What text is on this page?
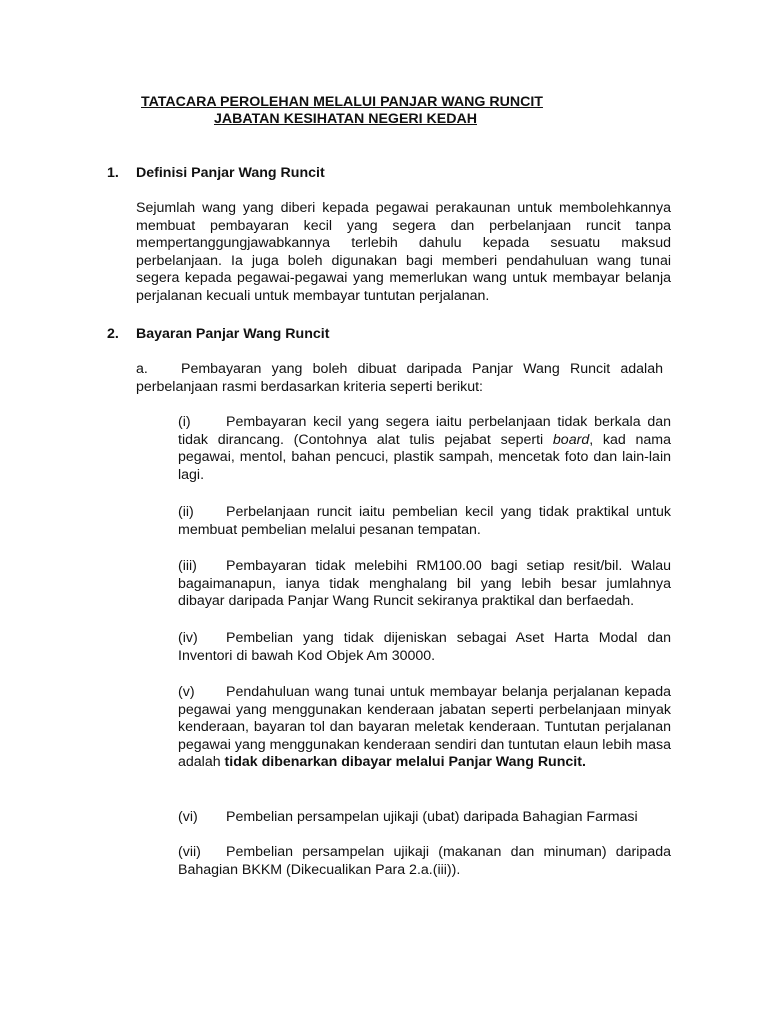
TATACARA PEROLEHAN MELALUI PANJAR WANG RUNCIT
JABATAN KESIHATAN NEGERI KEDAH
1. Definisi Panjar Wang Runcit
Sejumlah wang yang diberi kepada pegawai perakaunan untuk membolehkannya membuat pembayaran kecil yang segera dan perbelanjaan runcit tanpa mempertanggungjawabkannya terlebih dahulu kepada sesuatu maksud perbelanjaan. Ia juga boleh digunakan bagi memberi pendahuluan wang tunai segera kepada pegawai-pegawai yang memerlukan wang untuk membayar belanja perjalanan kecuali untuk membayar tuntutan perjalanan.
2. Bayaran Panjar Wang Runcit
a. Pembayaran yang boleh dibuat daripada Panjar Wang Runcit adalah perbelanjaan rasmi berdasarkan kriteria seperti berikut:
(i) Pembayaran kecil yang segera iaitu perbelanjaan tidak berkala dan tidak dirancang. (Contohnya alat tulis pejabat seperti board, kad nama pegawai, mentol, bahan pencuci, plastik sampah, mencetak foto dan lain-lain lagi.
(ii) Perbelanjaan runcit iaitu pembelian kecil yang tidak praktikal untuk membuat pembelian melalui pesanan tempatan.
(iii) Pembayaran tidak melebihi RM100.00 bagi setiap resit/bil. Walau bagaimanapun, ianya tidak menghalang bil yang lebih besar jumlahnya dibayar daripada Panjar Wang Runcit sekiranya praktikal dan berfaedah.
(iv) Pembelian yang tidak dijeniskan sebagai Aset Harta Modal dan Inventori di bawah Kod Objek Am 30000.
(v) Pendahuluan wang tunai untuk membayar belanja perjalanan kepada pegawai yang menggunakan kenderaan jabatan seperti perbelanjaan minyak kenderaan, bayaran tol dan bayaran meletak kenderaan. Tuntutan perjalanan pegawai yang menggunakan kenderaan sendiri dan tuntutan elaun lebih masa adalah tidak dibenarkan dibayar melalui Panjar Wang Runcit.
(vi) Pembelian persampelan ujikaji (ubat) daripada Bahagian Farmasi
(vii) Pembelian persampelan ujikaji (makanan dan minuman) daripada Bahagian BKKM (Dikecualikan Para 2.a.(iii)).
